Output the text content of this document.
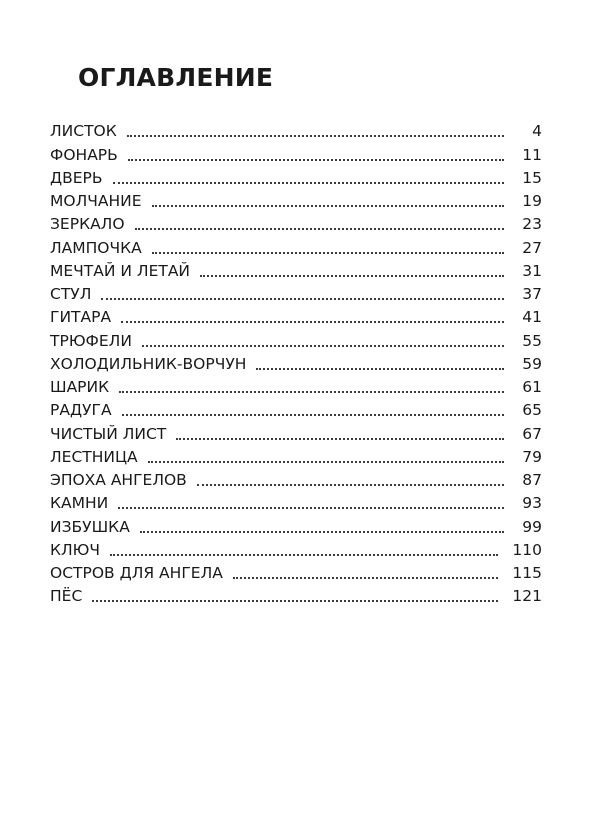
ОГЛАВЛЕНИЕ
ЛИСТОК	4
ФОНАРЬ	11
ДВЕРЬ	15
МОЛЧАНИЕ	19
ЗЕРКАЛО	23
ЛАМПОЧКА	27
МЕЧТАЙ И ЛЕТАЙ	31
СТУЛ	37
ГИТАРА	41
ТРЮФЕЛИ	55
ХОЛОДИЛЬНИК-ВОРЧУН	59
ШАРИК	61
РАДУГА	65
ЧИСТЫЙ ЛИСТ	67
ЛЕСТНИЦА	79
ЭПОХА АНГЕЛОВ	87
КАМНИ	93
ИЗБУШКА	99
КЛЮЧ	110
ОСТРОВ ДЛЯ АНГЕЛА	115
ПЁС	121
